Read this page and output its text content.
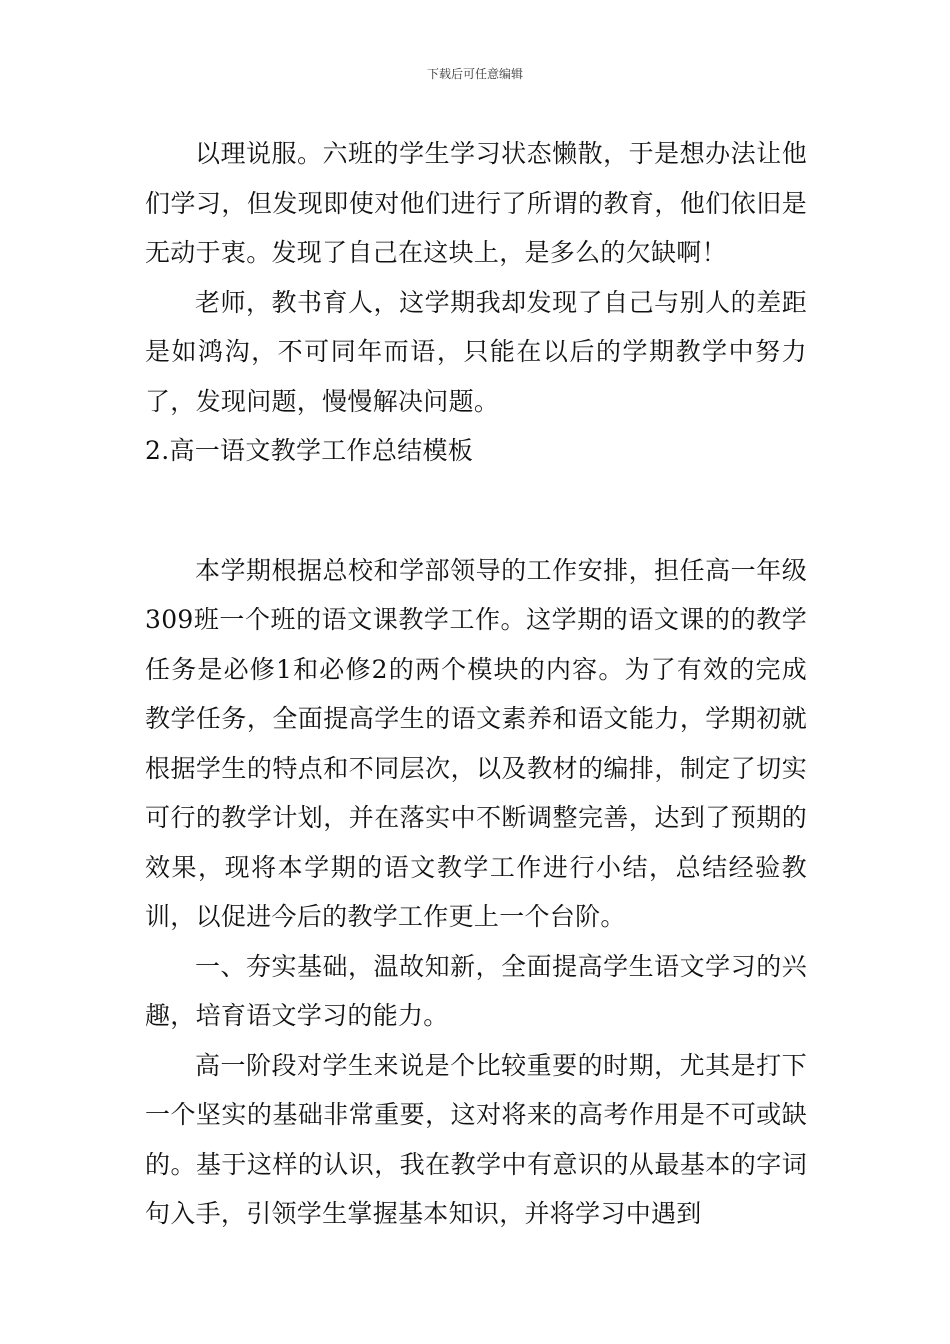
下载后可任意编辑

以理说服。六班的学生学习状态懒散，于是想办法让他们学习，但发现即使对他们进行了所谓的教育，他们依旧是无动于衷。发现了自己在这块上，是多么的欠缺啊！

老师，教书育人，这学期我却发现了自己与别人的差距是如鸿沟，不可同年而语，只能在以后的学期教学中努力了，发现问题，慢慢解决问题。

2.高一语文教学工作总结模板

本学期根据总校和学部领导的工作安排，担任高一年级309班一个班的语文课教学工作。这学期的语文课的的教学任务是必修1和必修2的两个模块的内容。为了有效的完成教学任务，全面提高学生的语文素养和语文能力，学期初就根据学生的特点和不同层次，以及教材的编排，制定了切实可行的教学计划，并在落实中不断调整完善，达到了预期的效果，现将本学期的语文教学工作进行小结，总结经验教训，以促进今后的教学工作更上一个台阶。

一、夯实基础，温故知新，全面提高学生语文学习的兴趣，培育语文学习的能力。

高一阶段对学生来说是个比较重要的时期，尤其是打下一个坚实的基础非常重要，这对将来的高考作用是不可或缺的。基于这样的认识，我在教学中有意识的从最基本的字词句入手，引领学生掌握基本知识，并将学习中遇到
